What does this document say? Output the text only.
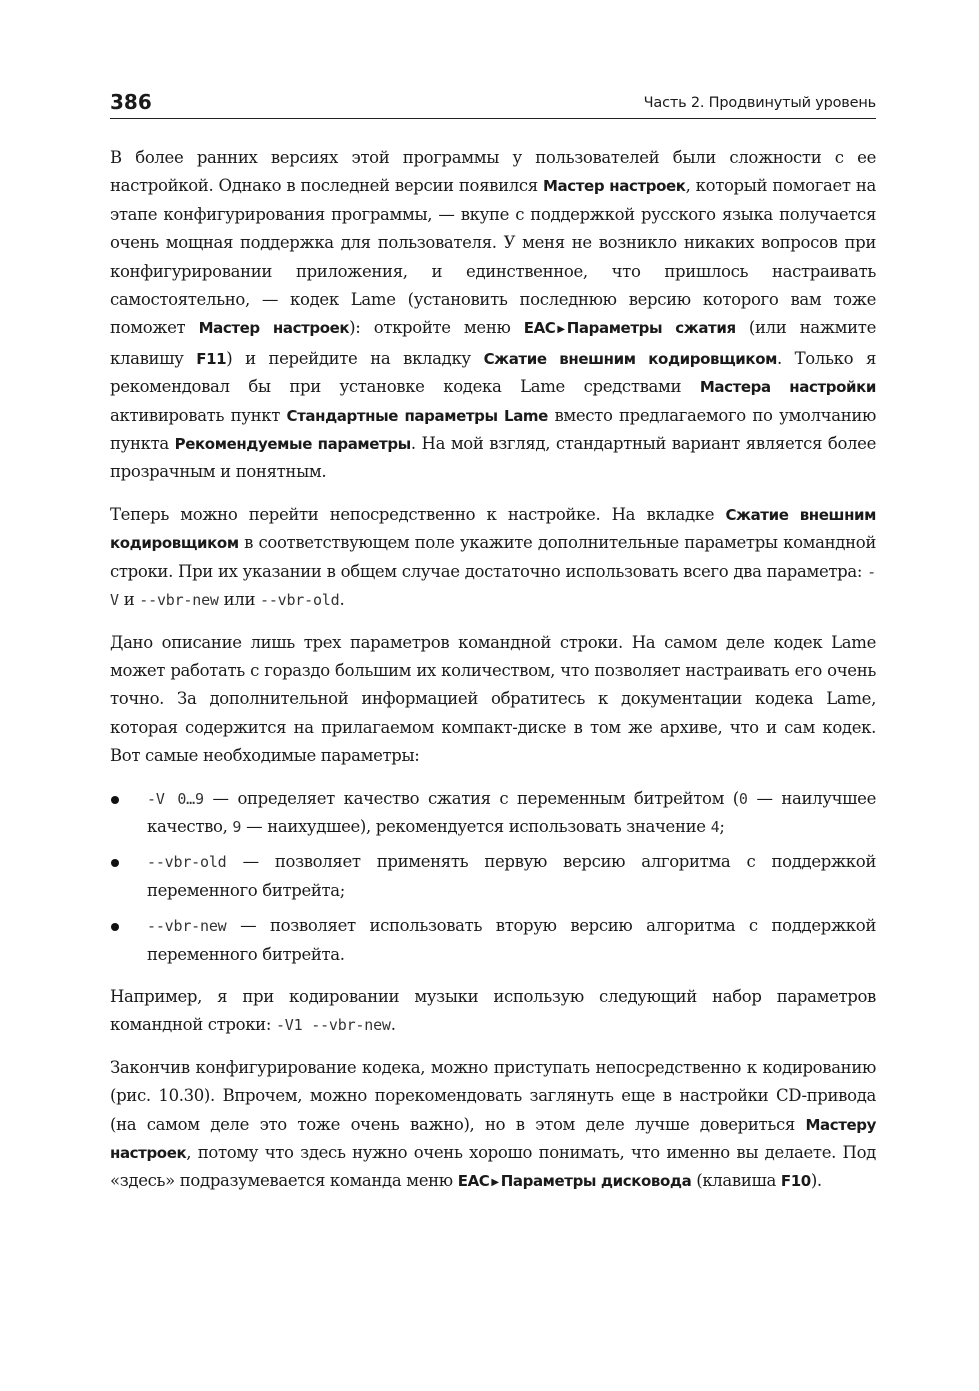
386	Часть 2. Продвинутый уровень

В более ранних версиях этой программы у пользователей были сложности с ее настройкой. Однако в последней версии появился Мастер настроек, который помогает на этапе конфигурирования программы, — вкупе с поддержкой русского языка получается очень мощная поддержка для пользователя. У меня не возникло никаких вопросов при конфигурировании приложения, и единственное, что пришлось настраивать самостоятельно, — кодек Lame (установить последнюю версию которого вам тоже поможет Мастер настроек): откройте меню EAC ▶ Параметры сжатия (или нажмите клавишу F11) и перейдите на вкладку Сжатие внешним кодировщиком. Только я рекомендовал бы при установке кодека Lame средствами Мастера настройки активировать пункт Стандартные параметры Lame вместо предлагаемого по умолчанию пункта Рекомендуемые параметры. На мой взгляд, стандартный вариант является более прозрачным и понятным.

Теперь можно перейти непосредственно к настройке. На вкладке Сжатие внешним кодировщиком в соответствующем поле укажите дополнительные параметры командной строки. При их указании в общем случае достаточно использовать всего два параметра: -V и --vbr-new или --vbr-old.

Дано описание лишь трех параметров командной строки. На самом деле кодек Lame может работать с гораздо большим их количеством, что позволяет настраивать его очень точно. За дополнительной информацией обратитесь к документации кодека Lame, которая содержится на прилагаемом компакт-диске в том же архиве, что и сам кодек. Вот самые необходимые параметры:

-V 0…9 — определяет качество сжатия с переменным битрейтом (0 — наилучшее качество, 9 — наихудшее), рекомендуется использовать значение 4;
--vbr-old — позволяет применять первую версию алгоритма с поддержкой переменного битрейта;
--vbr-new — позволяет использовать вторую версию алгоритма с поддержкой переменного битрейта.

Например, я при кодировании музыки использую следующий набор параметров командной строки: -V1 --vbr-new.

Закончив конфигурирование кодека, можно приступать непосредственно к кодированию (рис. 10.30). Впрочем, можно порекомендовать заглянуть еще в настройки CD-привода (на самом деле это тоже очень важно), но в этом деле лучше довериться Мастеру настроек, потому что здесь нужно очень хорошо понимать, что именно вы делаете. Под «здесь» подразумевается команда меню EAC ▶ Параметры дисковода (клавиша F10).
